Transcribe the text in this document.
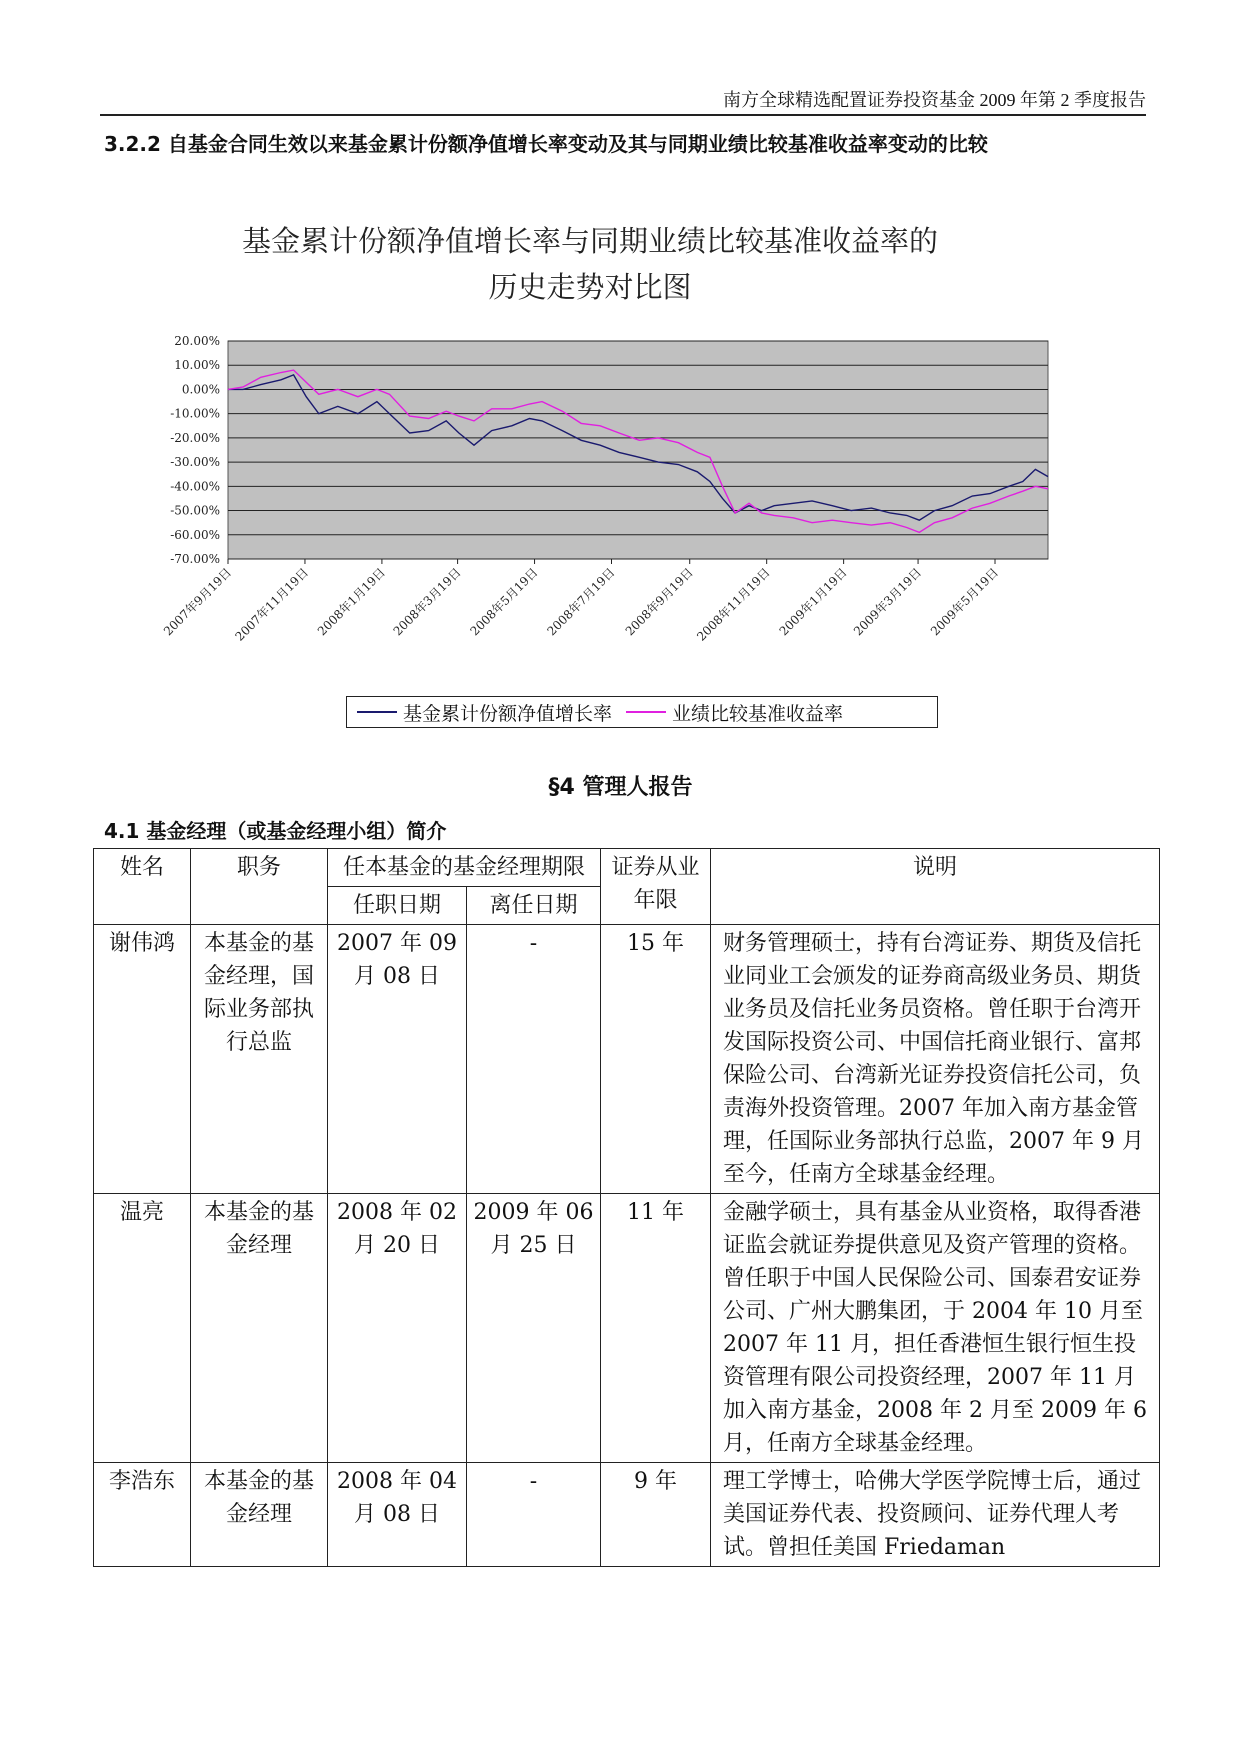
南方全球精选配置证券投资基金 2009 年第 2 季度报告
3.2.2 自基金合同生效以来基金累计份额净值增长率变动及其与同期业绩比较基准收益率变动的比较
基金累计份额净值增长率与同期业绩比较基准收益率的
历史走势对比图
20.00%
10.00%
0.00%
-10.00%
-20.00%
-30.00%
-40.00%
-50.00%
-60.00%
-70.00%
2007年9月19日
2007年11月19日 2008年1月19日 2008年3月19日 2008年5月19日 2008年7月19日 2008年9月19日
2008年11月19日 2009年1月19日 2009年3月19日 2009年5月19日
基金累计份额净值增长率	业绩比较基准收益率
§4 管理人报告
4.1 基金经理（或基金经理小组）简介
姓名	职务	任本基金的基金经理期限		证券从业年限	说明
		任职日期	离任日期		
谢伟鸿	本基金的基金经理，国际业务部执行总监	2007 年 09 月 08 日	-	15 年	财务管理硕士，持有台湾证券、期货及信托业同业工会颁发的证券商高级业务员、期货业务员及信托业务员资格。曾任职于台湾开发国际投资公司、中国信托商业银行、富邦保险公司、台湾新光证券投资信托公司，负责海外投资管理。2007 年加入南方基金管理，任国际业务部执行总监，2007 年 9 月至今，任南方全球基金经理。
温亮	本基金的基金经理	2008 年 02 月 20 日	2009 年 06 月 25 日	11 年	金融学硕士，具有基金从业资格，取得香港证监会就证券提供意见及资产管理的资格。曾任职于中国人民保险公司、国泰君安证券公司、广州大鹏集团，于 2004 年 10 月至 2007 年 11 月，担任香港恒生银行恒生投资管理有限公司投资经理，2007 年 11 月加入南方基金，2008 年 2 月至 2009 年 6 月，任南方全球基金经理。
李浩东	本基金的基金经理	2008 年 04 月 08 日	-	9 年	理工学博士，哈佛大学医学院博士后，通过美国证券代表、投资顾问、证券代理人考试。曾担任美国 Friedaman
